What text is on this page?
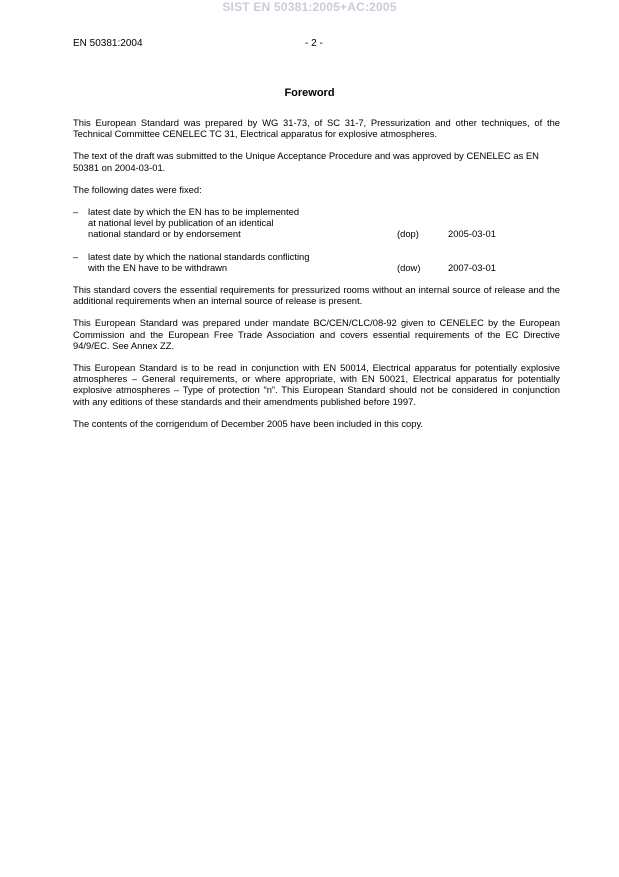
SIST EN 50381:2005+AC:2005
EN 50381:2004	- 2 -
Foreword

This European Standard was prepared by WG 31-73, of SC 31-7, Pressurization and other techniques, of the Technical Committee CENELEC TC 31, Electrical apparatus for explosive atmospheres.

The text of the draft was submitted to the Unique Acceptance Procedure and was approved by CENELEC as EN 50381 on 2004-03-01.

The following dates were fixed:

– latest date by which the EN has to be implemented
at national level by publication of an identical
national standard or by endorsement	(dop)	2005-03-01
– latest date by which the national standards conflicting
with the EN have to be withdrawn	(dow)	2007-03-01

This standard covers the essential requirements for pressurized rooms without an internal source of release and the additional requirements when an internal source of release is present.

This European Standard was prepared under mandate BC/CEN/CLC/08-92 given to CENELEC by the European Commission and the European Free Trade Association and covers essential requirements of the EC Directive 94/9/EC. See Annex ZZ.

This European Standard is to be read in conjunction with EN 50014, Electrical apparatus for potentially explosive atmospheres – General requirements, or where appropriate, with EN 50021, Electrical apparatus for potentially explosive atmospheres – Type of protection “n”. This European Standard should not be considered in conjunction with any editions of these standards and their amendments published before 1997.

The contents of the corrigendum of December 2005 have been included in this copy.
